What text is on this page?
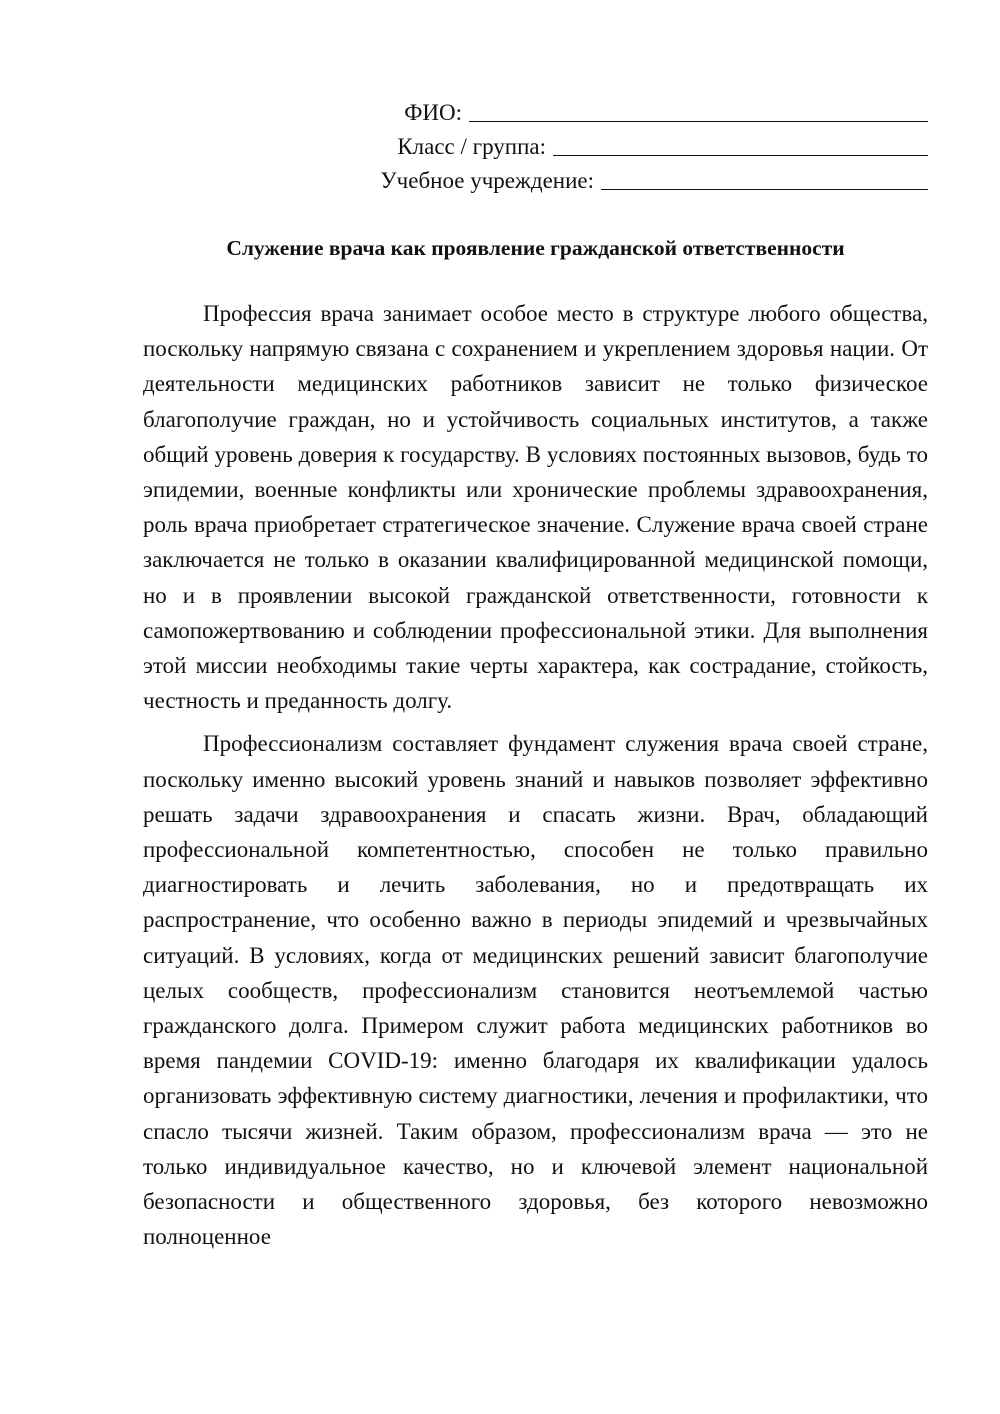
ФИО:
Класс / группа:
Учебное учреждение:
Служение врача как проявление гражданской ответственности

Профессия врача занимает особое место в структуре любого общества, поскольку напрямую связана с сохранением и укреплением здоровья нации. От деятельности медицинских работников зависит не только физическое благополучие граждан, но и устойчивость социальных институтов, а также общий уровень доверия к государству. В условиях постоянных вызовов, будь то эпидемии, военные конфликты или хронические проблемы здравоохранения, роль врача приобретает стратегическое значение. Служение врача своей стране заключается не только в оказании квалифицированной медицинской помощи, но и в проявлении высокой гражданской ответственности, готовности к самопожертвованию и соблюдении профессиональной этики. Для выполнения этой миссии необходимы такие черты характера, как сострадание, стойкость, честность и преданность долгу.

Профессионализм составляет фундамент служения врача своей стране, поскольку именно высокий уровень знаний и навыков позволяет эффективно решать задачи здравоохранения и спасать жизни. Врач, обладающий профессиональной компетентностью, способен не только правильно диагностировать и лечить заболевания, но и предотвращать их распространение, что особенно важно в периоды эпидемий и чрезвычайных ситуаций. В условиях, когда от медицинских решений зависит благополучие целых сообществ, профессионализм становится неотъемлемой частью гражданского долга. Примером служит работа медицинских работников во время пандемии COVID-19: именно благодаря их квалификации удалось организовать эффективную систему диагностики, лечения и профилактики, что спасло тысячи жизней. Таким образом, профессионализм врача — это не только индивидуальное качество, но и ключевой элемент национальной безопасности и общественного здоровья, без которого невозможно полноценное
